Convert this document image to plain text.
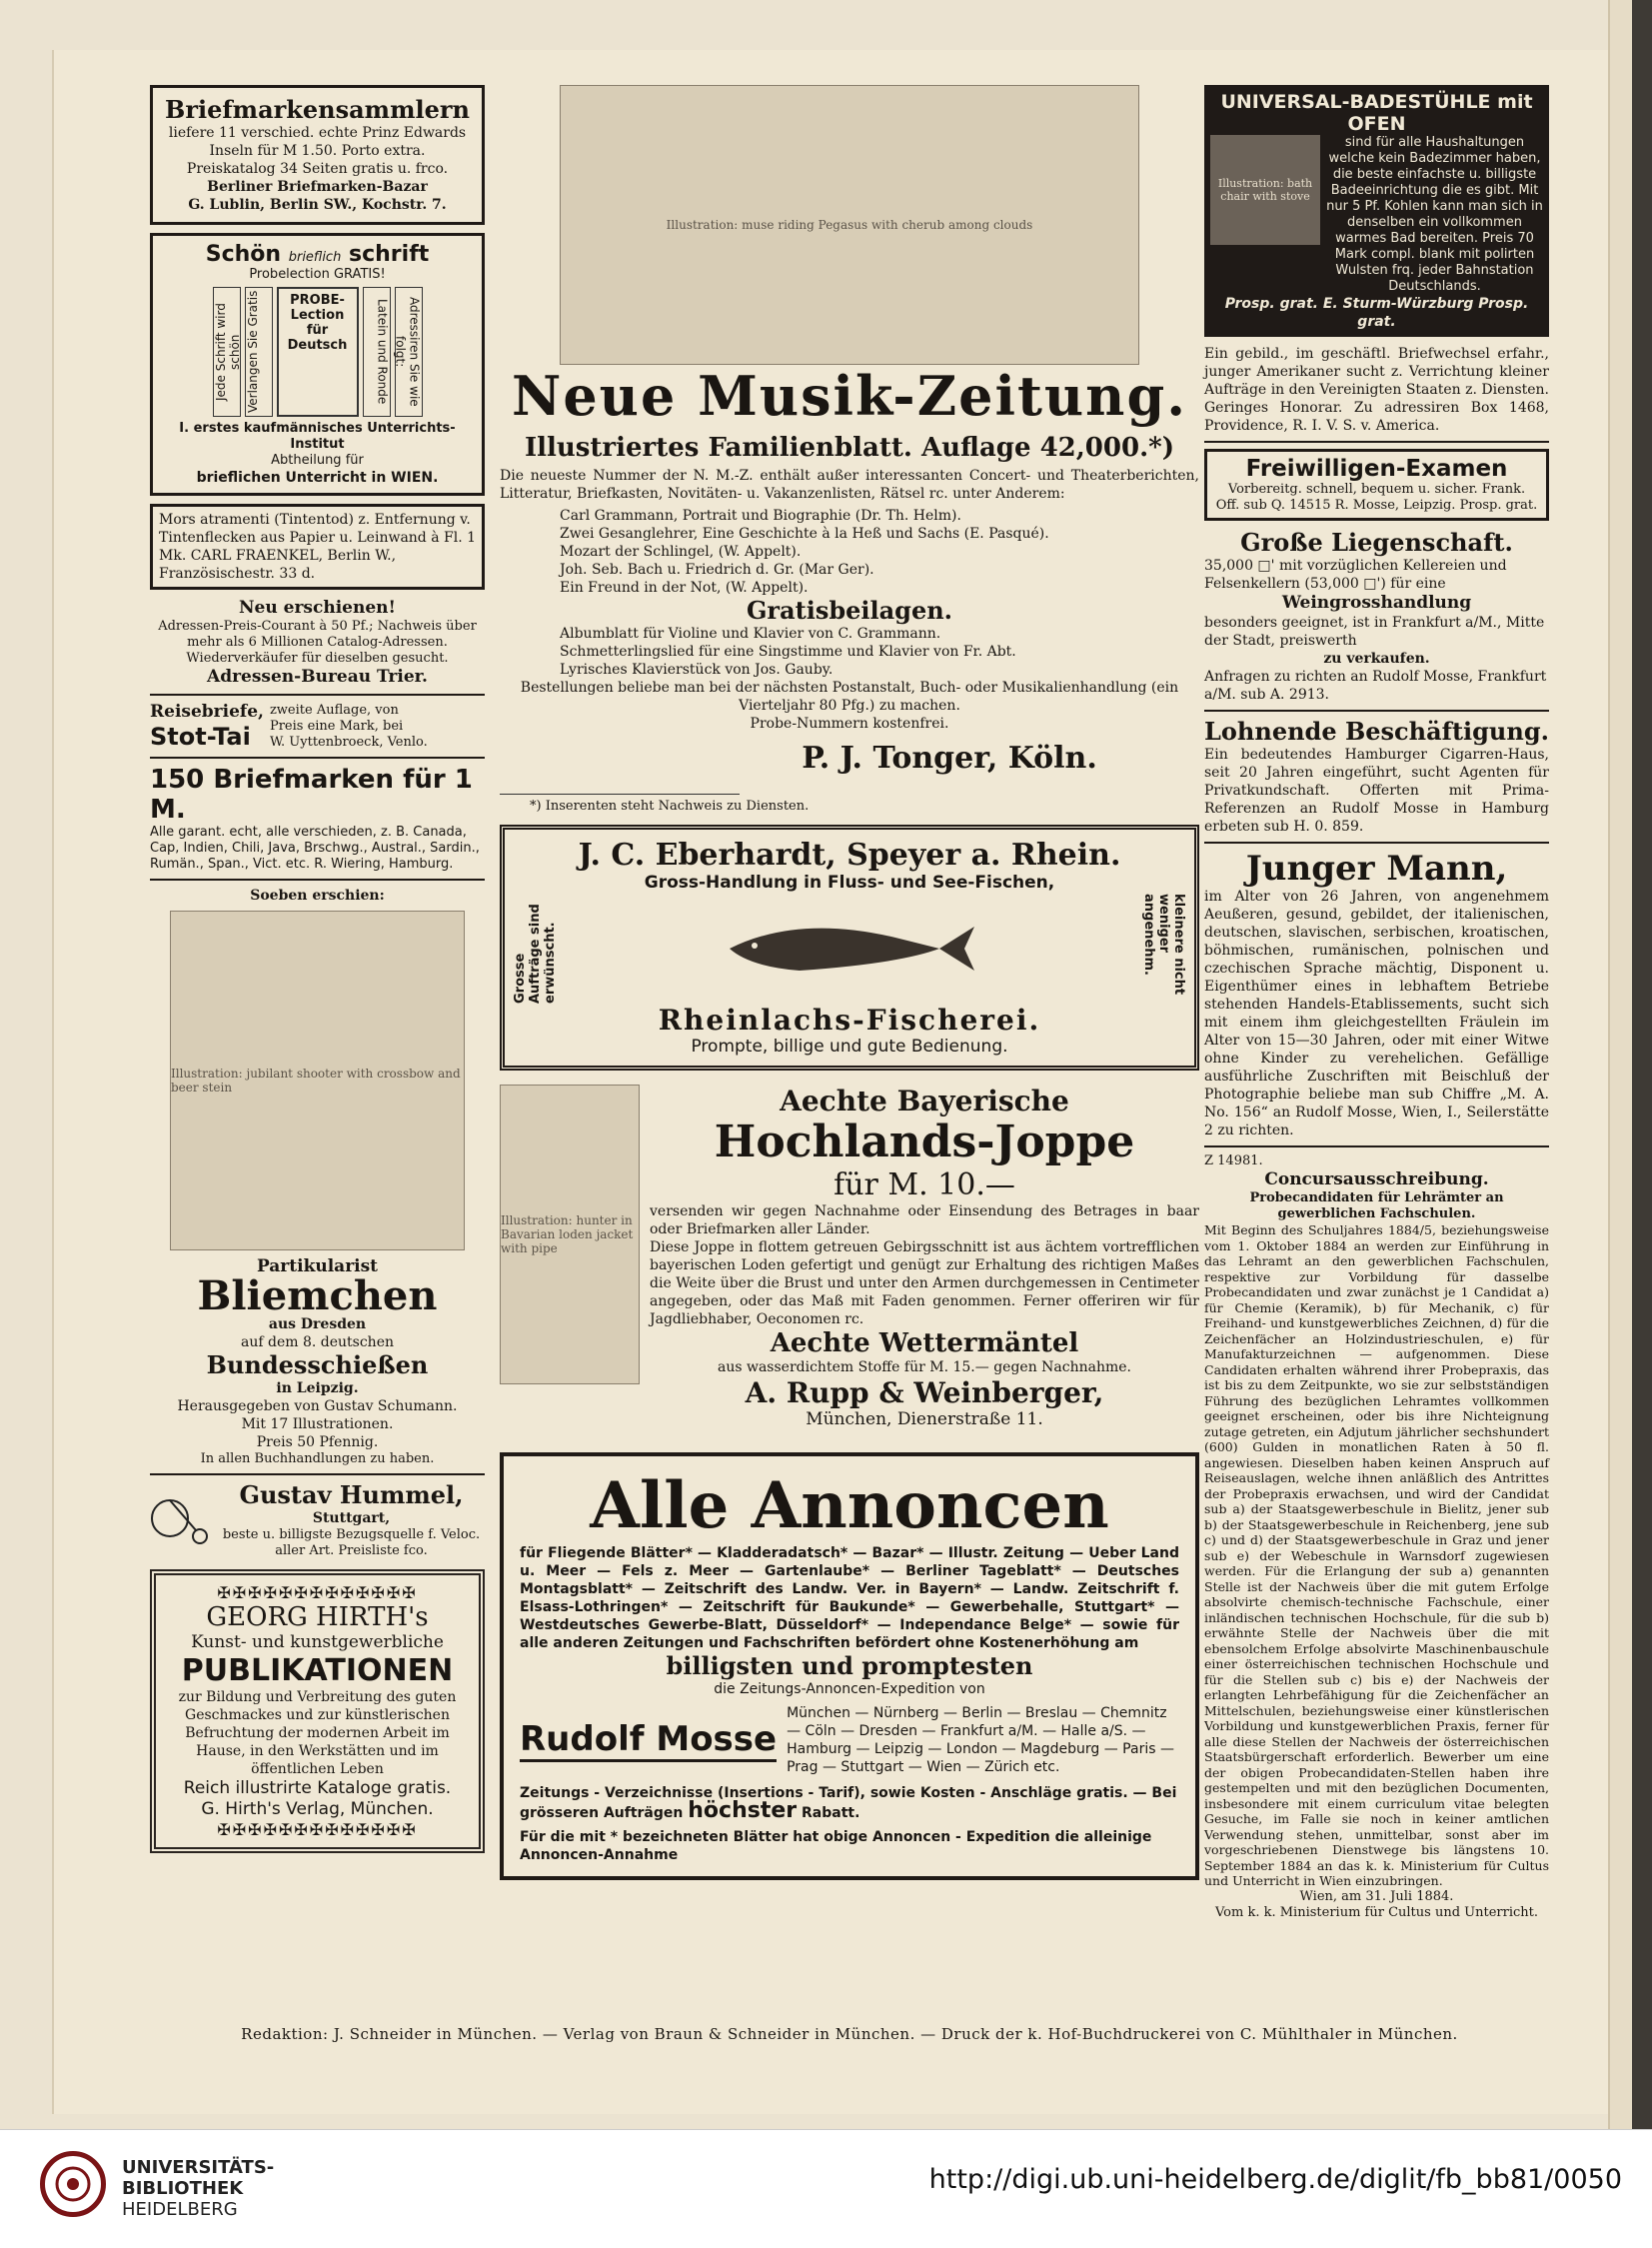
Briefmarkensammlern
liefere 11 verschied. echte Prinz Edwards Inseln für M 1.50. Porto extra. Preiskatalog 34 Seiten gratis u. frco.
Berliner Briefmarken-Bazar
G. Lublin, Berlin SW., Kochstr. 7.
Schön brieflich schrift
Probelection GRATIS!
Jede Schrift wird schön Verlangen Sie Gratis	PROBE-Lection für Deutsch	Latein und Ronde	Adressiren Sie wie folgt:
I. erstes kaufmännisches Unterrichts-Institut
Abtheilung für
brieflichen Unterricht in WIEN.
Mors atramenti (Tintentod) z. Entfernung v. Tintenflecken aus Papier u. Leinwand à Fl. 1 Mk. CARL FRAENKEL, Berlin W., Französischestr. 33 d.
Neu erschienen!
Adressen-Preis-Courant à 50 Pf.; Nachweis über mehr als 6 Millionen Catalog-Adressen. Wiederverkäufer für dieselben gesucht.
Adressen-Bureau Trier.
Reisebriefe,
Stot-Tai
zweite Auflage, von
Preis eine Mark, bei
W. Uyttenbroeck, Venlo.
150 Briefmarken für 1 M.
Alle garant. echt, alle verschieden, z. B. Canada, Cap, Indien, Chili, Java, Brschwg., Austral., Sardin., Rumän., Span., Vict. etc. R. Wiering, Hamburg.
Soeben erschien:
Illustration: jubilant shooter with crossbow and beer stein
Partikularist
Bliemchen
aus Dresden
auf dem 8. deutschen
Bundesschießen
in Leipzig.
Herausgegeben von Gustav Schumann.
Mit 17 Illustrationen.
Preis 50 Pfennig.
In allen Buchhandlungen zu haben.
Gustav Hummel,
Stuttgart,
beste u. billigste Bezugsquelle f. Veloc. aller Art. Preisliste fco.
✠✠✠✠✠✠✠✠✠✠✠✠✠
GEORG HIRTH's
Kunst- und kunstgewerbliche
PUBLIKATIONEN
zur Bildung und Verbreitung des guten Geschmackes und zur künstlerischen Befruchtung der modernen Arbeit im Hause, in den Werkstätten und im öffentlichen Leben
Reich illustrirte Kataloge gratis.
G. Hirth's Verlag, München.
✠✠✠✠✠✠✠✠✠✠✠✠✠
Illustration: muse riding Pegasus with cherub among clouds
Neue Musik-Zeitung.
Illustriertes Familienblatt. Auflage 42,000.*)
Die neueste Nummer der N. M.-Z. enthält außer interessanten Concert- und Theaterberichten, Litteratur, Briefkasten, Novitäten- u. Vakanzenlisten, Rätsel rc. unter Anderem:
Carl Grammann, Portrait und Biographie (Dr. Th. Helm).
Zwei Gesanglehrer, Eine Geschichte à la Heß und Sachs (E. Pasqué).
Mozart der Schlingel, (W. Appelt).
Joh. Seb. Bach u. Friedrich d. Gr. (Mar Ger).
Ein Freund in der Not, (W. Appelt).
Gratisbeilagen.
Albumblatt für Violine und Klavier von C. Grammann.
Schmetterlingslied für eine Singstimme und Klavier von Fr. Abt.
Lyrisches Klavierstück von Jos. Gauby.
Bestellungen beliebe man bei der nächsten Postanstalt, Buch- oder Musikalienhandlung (ein Vierteljahr 80 Pfg.) zu machen.
Probe-Nummern kostenfrei.
P. J. Tonger, Köln.
*) Inserenten steht Nachweis zu Diensten.
J. C. Eberhardt, Speyer a. Rhein.
Gross-Handlung in Fluss- und See-Fischen,
Grosse Aufträge sind erwünscht.	kleinere nicht weniger angenehm.
Rheinlachs-Fischerei.
Prompte, billige und gute Bedienung.
Illustration: hunter in Bavarian loden jacket with pipe
Aechte Bayerische
Hochlands-Joppe
für M. 10.—
versenden wir gegen Nachnahme oder Einsendung des Betrages in baar oder Briefmarken aller Länder.
Diese Joppe in flottem getreuen Gebirgsschnitt ist aus ächtem vortrefflichen bayerischen Loden gefertigt und genügt zur Erhaltung des richtigen Maßes die Weite über die Brust und unter den Armen durchgemessen in Centimeter angegeben, oder das Maß mit Faden genommen. Ferner offeriren wir für Jagdliebhaber, Oeconomen rc.
Aechte Wettermäntel
aus wasserdichtem Stoffe für M. 15.— gegen Nachnahme.
A. Rupp & Weinberger,
München, Dienerstraße 11.
Alle Annoncen
für Fliegende Blätter* — Kladderadatsch* — Bazar* — Illustr. Zeitung — Ueber Land u. Meer — Fels z. Meer — Gartenlaube* — Berliner Tageblatt* — Deutsches Montagsblatt* — Zeitschrift des Landw. Ver. in Bayern* — Landw. Zeitschrift f. Elsass-Lothringen* — Zeitschrift für Baukunde* — Gewerbehalle, Stuttgart* — Westdeutsches Gewerbe-Blatt, Düsseldorf* — Independance Belge* — sowie für alle anderen Zeitungen und Fachschriften befördert ohne Kostenerhöhung am
billigsten und promptesten
die Zeitungs-Annoncen-Expedition von
Rudolf Mosse
München — Nürnberg — Berlin — Breslau — Chemnitz — Cöln — Dresden — Frankfurt a/M. — Halle a/S. — Hamburg — Leipzig — London — Magdeburg — Paris — Prag — Stuttgart — Wien — Zürich etc.
Zeitungs - Verzeichnisse (Insertions - Tarif), sowie Kosten - Anschläge gratis. — Bei grösseren Aufträgen höchster Rabatt.
Für die mit * bezeichneten Blätter hat obige Annoncen - Expedition die alleinige Annoncen-Annahme
UNIVERSAL-BADESTÜHLE mit OFEN
Illustration: bath chair with stove
sind für alle Haushaltungen welche kein Badezimmer haben, die beste einfachste u. billigste Badeeinrichtung die es gibt. Mit nur 5 Pf. Kohlen kann man sich in denselben ein vollkommen warmes Bad bereiten. Preis 70 Mark compl. blank mit polirten Wulsten frq. jeder Bahnstation Deutschlands.
Prosp. grat. E. Sturm-Würzburg Prosp. grat.
Ein gebild., im geschäftl. Briefwechsel erfahr., junger Amerikaner sucht z. Verrichtung kleiner Aufträge in den Vereinigten Staaten z. Diensten. Geringes Honorar. Zu adressiren Box 1468, Providence, R. I. V. S. v. America.
Freiwilligen-Examen
Vorbereitg. schnell, bequem u. sicher. Frank. Off. sub Q. 14515 R. Mosse, Leipzig. Prosp. grat.
Große Liegenschaft.
35,000 □' mit vorzüglichen Kellereien und Felsenkellern (53,000 □') für eine
Weingrosshandlung
besonders geeignet, ist in Frankfurt a/M., Mitte der Stadt, preiswerth
zu verkaufen.
Anfragen zu richten an Rudolf Mosse, Frankfurt a/M. sub A. 2913.
Lohnende Beschäftigung.
Ein bedeutendes Hamburger Cigarren-Haus, seit 20 Jahren eingeführt, sucht Agenten für Privatkundschaft. Offerten mit Prima-Referenzen an Rudolf Mosse in Hamburg erbeten sub H. 0. 859.
Junger Mann,
im Alter von 26 Jahren, von angenehmem Aeußeren, gesund, gebildet, der italienischen, deutschen, slavischen, serbischen, kroatischen, böhmischen, rumänischen, polnischen und czechischen Sprache mächtig, Disponent u. Eigenthümer eines in lebhaftem Betriebe stehenden Handels-Etablissements, sucht sich mit einem ihm gleichgestellten Fräulein im Alter von 15—30 Jahren, oder mit einer Witwe ohne Kinder zu verehelichen. Gefällige ausführliche Zuschriften mit Beischluß der Photographie beliebe man sub Chiffre „M. A. No. 156“ an Rudolf Mosse, Wien, I., Seilerstätte 2 zu richten.
Z 14981.
Concursausschreibung.
Probecandidaten für Lehrämter an gewerblichen Fachschulen.
Mit Beginn des Schuljahres 1884/5, beziehungsweise vom 1. Oktober 1884 an werden zur Einführung in das Lehramt an den gewerblichen Fachschulen, respektive zur Vorbildung für dasselbe Probecandidaten und zwar zunächst je 1 Candidat a) für Chemie (Keramik), b) für Mechanik, c) für Freihand- und kunstgewerbliches Zeichnen, d) für die Zeichenfächer an Holzindustrieschulen, e) für Manufakturzeichnen — aufgenommen. Diese Candidaten erhalten während ihrer Probepraxis, das ist bis zu dem Zeitpunkte, wo sie zur selbstständigen Führung des bezüglichen Lehramtes vollkommen geeignet erscheinen, oder bis ihre Nichteignung zutage getreten, ein Adjutum jährlicher sechshundert (600) Gulden in monatlichen Raten à 50 fl. angewiesen. Dieselben haben keinen Anspruch auf Reiseauslagen, welche ihnen anläßlich des Antrittes der Probepraxis erwachsen, und wird der Candidat sub a) der Staatsgewerbeschule in Bielitz, jener sub b) der Staatsgewerbeschule in Reichenberg, jene sub c) und d) der Staatsgewerbeschule in Graz und jener sub e) der Webeschule in Warnsdorf zugewiesen werden. Für die Erlangung der sub a) genannten Stelle ist der Nachweis über die mit gutem Erfolge absolvirte chemisch-technische Fachschule, einer inländischen technischen Hochschule, für die sub b) erwähnte Stelle der Nachweis über die mit ebensolchem Erfolge absolvirte Maschinenbauschule einer österreichischen technischen Hochschule und für die Stellen sub c) bis e) der Nachweis der erlangten Lehrbefähigung für die Zeichenfächer an Mittelschulen, beziehungsweise einer künstlerischen Vorbildung und kunstgewerblichen Praxis, ferner für alle diese Stellen der Nachweis der österreichischen Staatsbürgerschaft erforderlich. Bewerber um eine der obigen Probecandidaten-Stellen haben ihre gestempelten und mit den bezüglichen Documenten, insbesondere mit einem curriculum vitae belegten Gesuche, im Falle sie noch in keiner amtlichen Verwendung stehen, unmittelbar, sonst aber im vorgeschriebenen Dienstwege bis längstens 10. September 1884 an das k. k. Ministerium für Cultus und Unterricht in Wien einzubringen.
Wien, am 31. Juli 1884.
Vom k. k. Ministerium für Cultus und Unterricht.
Redaktion: J. Schneider in München. — Verlag von Braun & Schneider in München. — Druck der k. Hof-Buchdruckerei von C. Mühlthaler in München.
UNIVERSITÄTS-
BIBLIOTHEK
HEIDELBERG
http://digi.ub.uni-heidelberg.de/diglit/fb_bb81/0050
